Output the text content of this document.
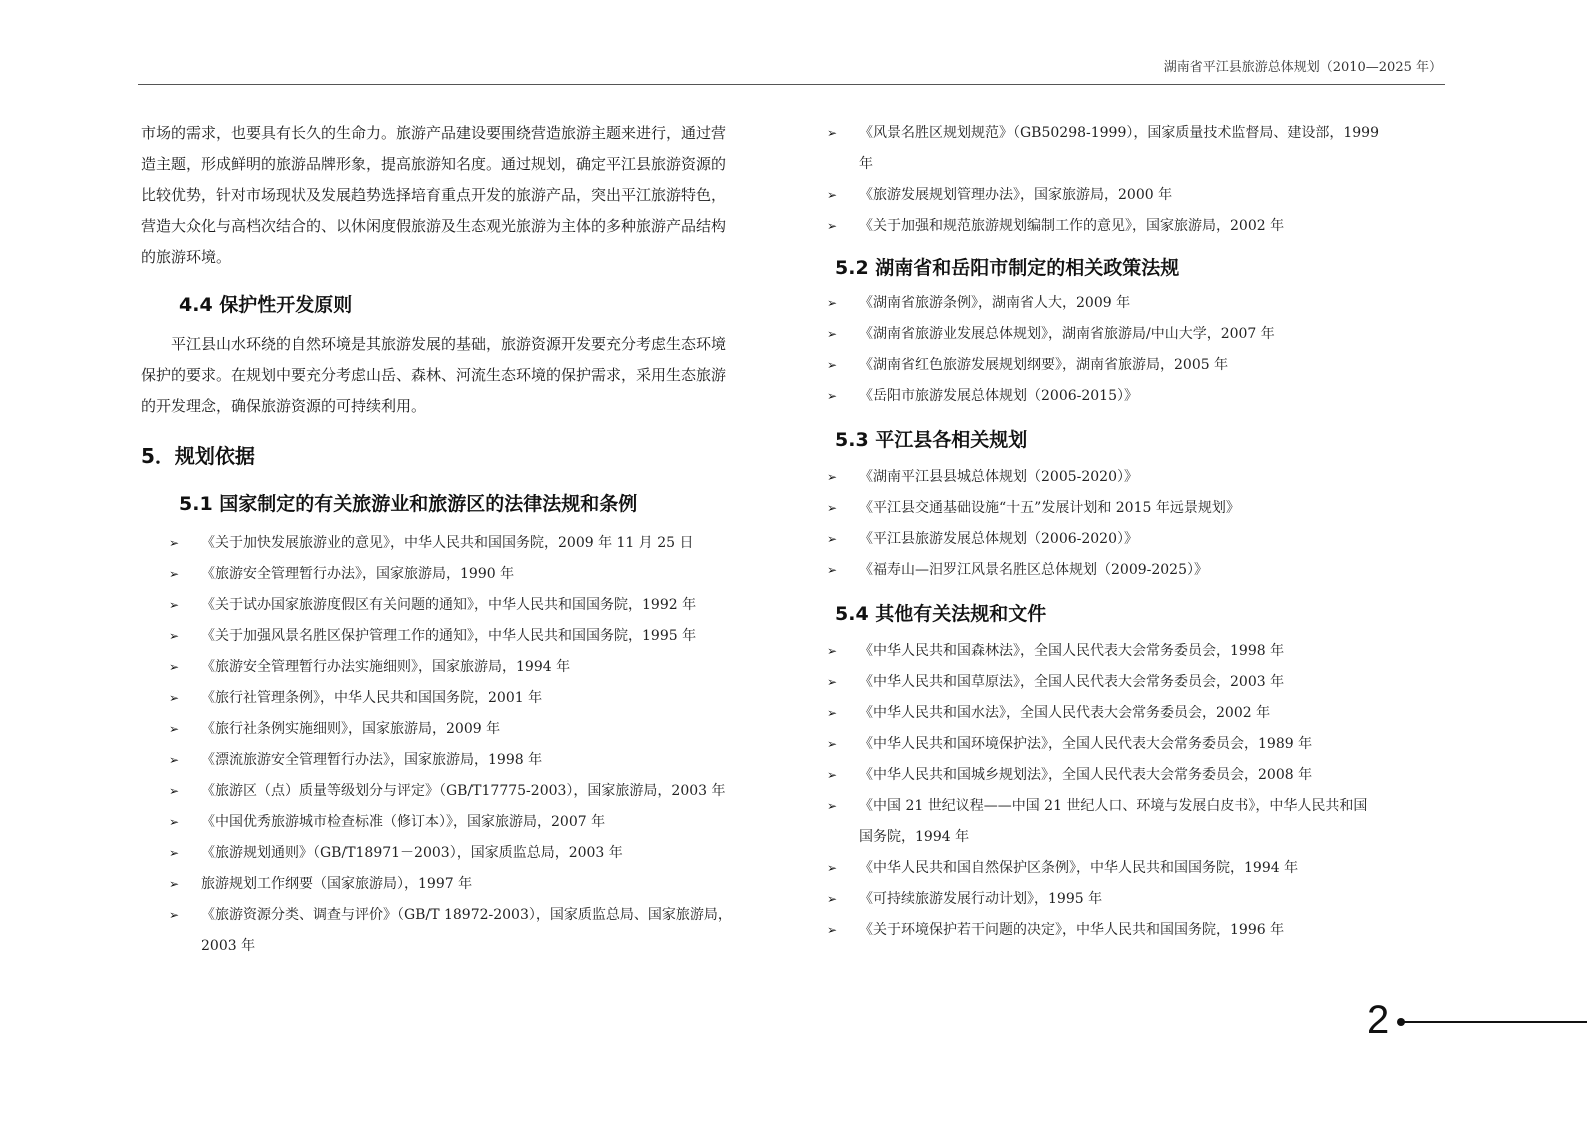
湖南省平江县旅游总体规划（2010—2025 年）
市场的需求，也要具有长久的生命力。旅游产品建设要围绕营造旅游主题来进行，通过营
造主题，形成鲜明的旅游品牌形象，提高旅游知名度。通过规划，确定平江县旅游资源的
比较优势，针对市场现状及发展趋势选择培育重点开发的旅游产品，突出平江旅游特色，
营造大众化与高档次结合的、以休闲度假旅游及生态观光旅游为主体的多种旅游产品结构
的旅游环境。
4.4 保护性开发原则
平江县山水环绕的自然环境是其旅游发展的基础，旅游资源开发要充分考虑生态环境
保护的要求。在规划中要充分考虑山岳、森林、河流生态环境的保护需求，采用生态旅游
的开发理念，确保旅游资源的可持续利用。
5．规划依据
5.1 国家制定的有关旅游业和旅游区的法律法规和条例
➢ 《关于加快发展旅游业的意见》，中华人民共和国国务院，2009 年 11 月 25 日
➢ 《旅游安全管理暂行办法》，国家旅游局，1990 年
➢ 《关于试办国家旅游度假区有关问题的通知》，中华人民共和国国务院，1992 年
➢ 《关于加强风景名胜区保护管理工作的通知》，中华人民共和国国务院，1995 年
➢ 《旅游安全管理暂行办法实施细则》，国家旅游局，1994 年
➢ 《旅行社管理条例》，中华人民共和国国务院，2001 年
➢ 《旅行社条例实施细则》，国家旅游局，2009 年
➢ 《漂流旅游安全管理暂行办法》，国家旅游局，1998 年
➢ 《旅游区（点）质量等级划分与评定》（GB/T17775-2003），国家旅游局，2003 年
➢ 《中国优秀旅游城市检查标准（修订本）》，国家旅游局，2007 年
➢ 《旅游规划通则》（GB/T18971－2003），国家质监总局，2003 年
➢ 旅游规划工作纲要（国家旅游局），1997 年
➢ 《旅游资源分类、调查与评价》（GB/T 18972-2003），国家质监总局、国家旅游局，
2003 年
➢ 《风景名胜区规划规范》（GB50298-1999），国家质量技术监督局、建设部，1999
年
➢ 《旅游发展规划管理办法》，国家旅游局，2000 年
➢ 《关于加强和规范旅游规划编制工作的意见》，国家旅游局，2002 年
5.2 湖南省和岳阳市制定的相关政策法规
➢ 《湖南省旅游条例》，湖南省人大，2009 年
➢ 《湖南省旅游业发展总体规划》，湖南省旅游局/中山大学，2007 年
➢ 《湖南省红色旅游发展规划纲要》，湖南省旅游局，2005 年
➢ 《岳阳市旅游发展总体规划（2006-2015）》
5.3 平江县各相关规划
➢ 《湖南平江县县城总体规划（2005-2020）》
➢ 《平江县交通基础设施“十五”发展计划和 2015 年远景规划》
➢ 《平江县旅游发展总体规划（2006-2020）》
➢ 《福寿山—汨罗江风景名胜区总体规划（2009-2025）》
5.4 其他有关法规和文件
➢ 《中华人民共和国森林法》，全国人民代表大会常务委员会，1998 年
➢ 《中华人民共和国草原法》，全国人民代表大会常务委员会，2003 年
➢ 《中华人民共和国水法》，全国人民代表大会常务委员会，2002 年
➢ 《中华人民共和国环境保护法》，全国人民代表大会常务委员会，1989 年
➢ 《中华人民共和国城乡规划法》，全国人民代表大会常务委员会，2008 年
➢ 《中国 21 世纪议程——中国 21 世纪人口、环境与发展白皮书》，中华人民共和国
国务院，1994 年
➢ 《中华人民共和国自然保护区条例》，中华人民共和国国务院，1994 年
➢ 《可持续旅游发展行动计划》，1995 年
➢ 《关于环境保护若干问题的决定》，中华人民共和国国务院，1996 年
2
